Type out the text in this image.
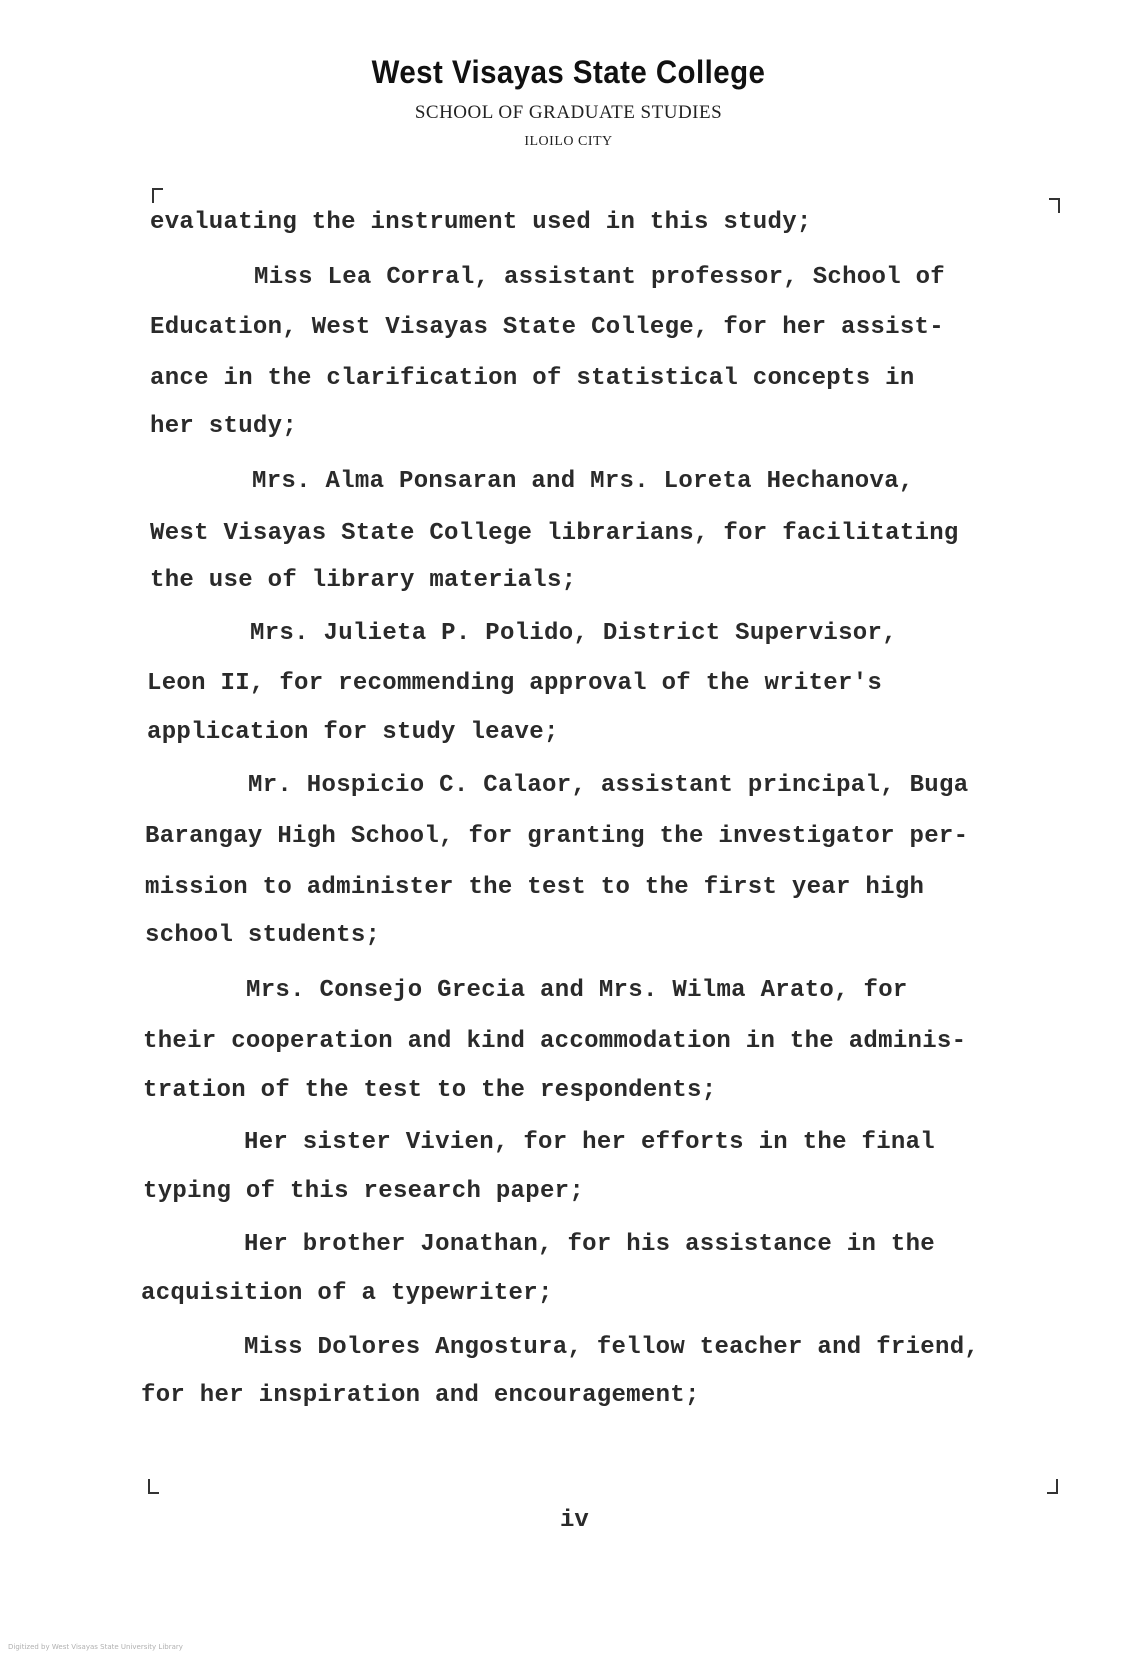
West Visayas State College
SCHOOL OF GRADUATE STUDIES
ILOILO CITY
evaluating the instrument used in this study;
Miss Lea Corral, assistant professor, School of
Education, West Visayas State College, for her assist-
ance in the clarification of statistical concepts in
her study;
Mrs. Alma Ponsaran and Mrs. Loreta Hechanova,
West Visayas State College librarians, for facilitating
the use of library materials;
Mrs. Julieta P. Polido, District Supervisor,
Leon II, for recommending approval of the writer's
application for study leave;
Mr. Hospicio C. Calaor, assistant principal, Buga
Barangay High School, for granting the investigator per-
mission to administer the test to the first year high
school students;
Mrs. Consejo Grecia and Mrs. Wilma Arato, for
their cooperation and kind accommodation in the adminis-
tration of the test to the respondents;
Her sister Vivien, for her efforts in the final
typing of this research paper;
Her brother Jonathan, for his assistance in the
acquisition of a typewriter;
Miss Dolores Angostura, fellow teacher and friend,
for her inspiration and encouragement;
iv
Digitized by West Visayas State University Library
